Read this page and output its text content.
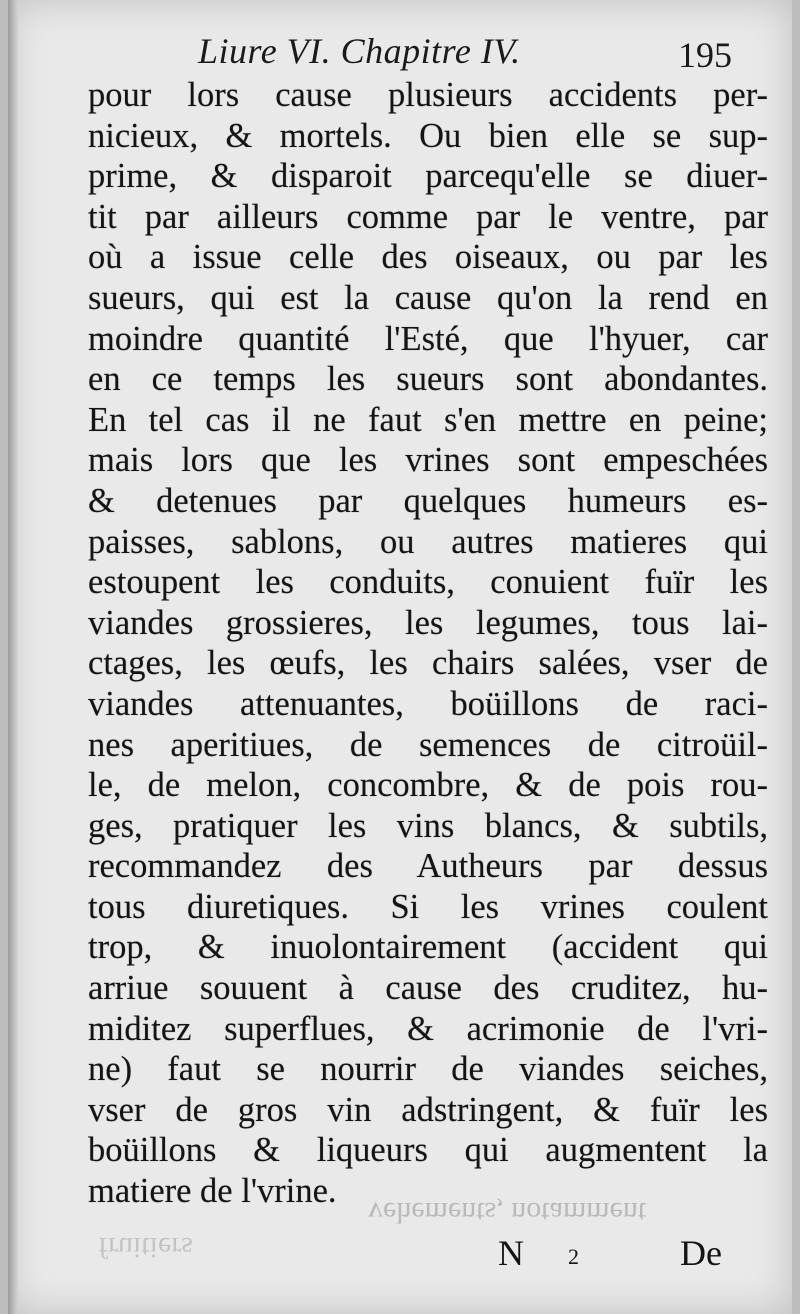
Liure VI. Chapitre IV.	195
pour lors cause plusieurs accidents per-
nicieux, & mortels. Ou bien elle se sup-
prime, & disparoit parcequ'elle se diuer-
tit par ailleurs comme par le ventre, par
où a issue celle des oiseaux, ou par les
sueurs, qui est la cause qu'on la rend en
moindre quantité l'Esté, que l'hyuer, car
en ce temps les sueurs sont abondantes.
En tel cas il ne faut s'en mettre en peine;
mais lors que les vrines sont empeschées
& detenues par quelques humeurs es-
paisses, sablons, ou autres matieres qui
estoupent les conduits, conuient fuïr les
viandes grossieres, les legumes, tous lai-
ctages, les œufs, les chairs salées, vser de
viandes attenuantes, boüillons de raci-
nes aperitiues, de semences de citroüil-
le, de melon, concombre, & de pois rou-
ges, pratiquer les vins blancs, & subtils,
recommandez des Autheurs par dessus
tous diuretiques. Si les vrines coulent
trop, & inuolontairement (accident qui
arriue souuent à cause des cruditez, hu-
miditez superflues, & acrimonie de l'vri-
ne) faut se nourrir de viandes seiches,
vser de gros vin adstringent, & fuïr les
boüillons & liqueurs qui augmentent la
matiere de l'vrine.
vehements, notamment
fruitiers	N 2	De
